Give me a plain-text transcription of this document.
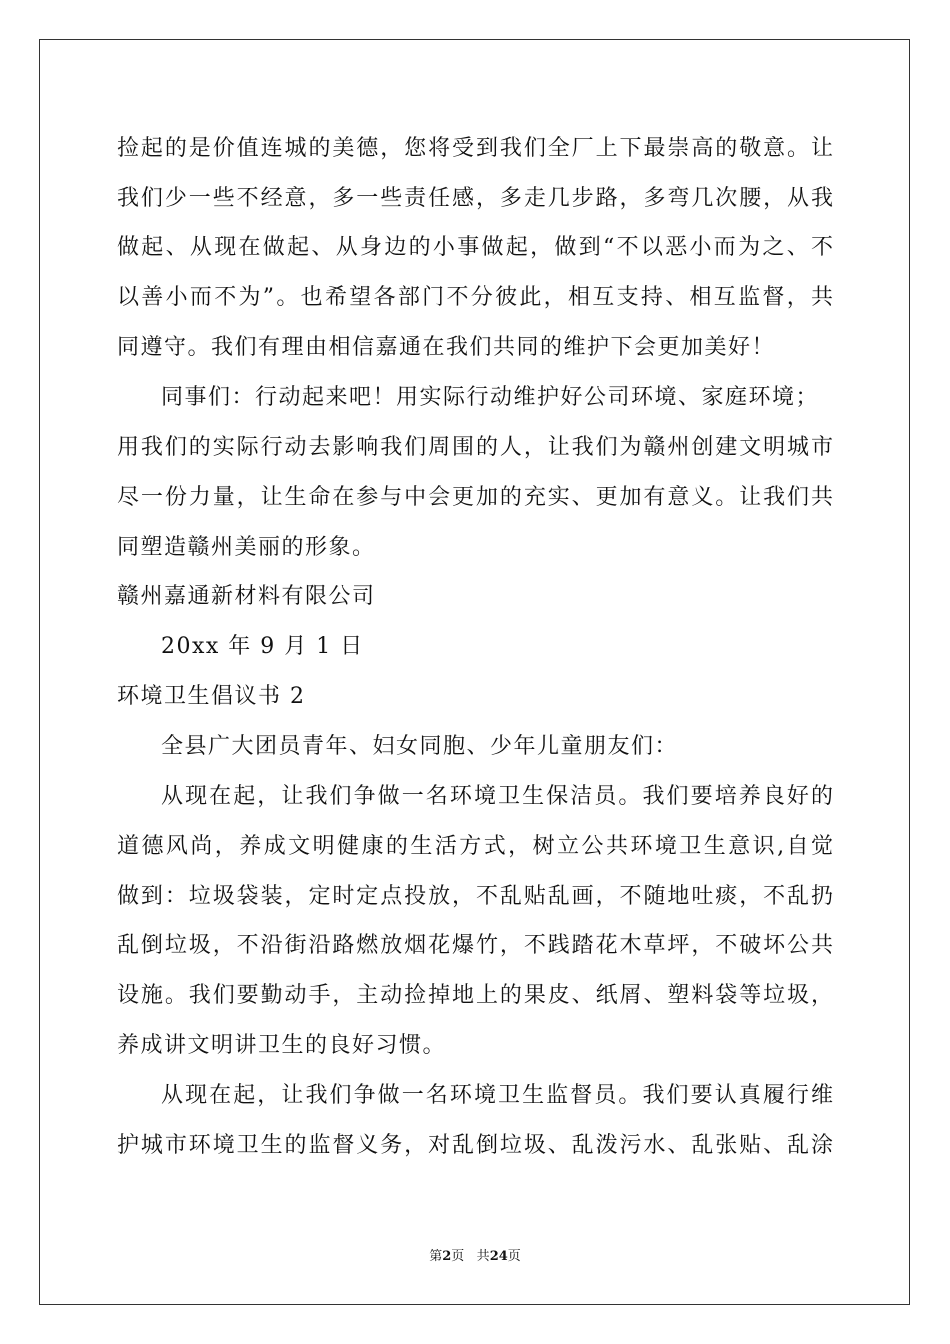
捡起的是价值连城的美德，您将受到我们全厂上下最崇高的敬意。让
我们少一些不经意，多一些责任感，多走几步路，多弯几次腰，从我
做起、从现在做起、从身边的小事做起，做到“不以恶小而为之、不
以善小而不为”。也希望各部门不分彼此，相互支持、相互监督，共
同遵守。我们有理由相信嘉通在我们共同的维护下会更加美好！
同事们：行动起来吧！用实际行动维护好公司环境、家庭环境；
用我们的实际行动去影响我们周围的人，让我们为赣州创建文明城市
尽一份力量，让生命在参与中会更加的充实、更加有意义。让我们共
同塑造赣州美丽的形象。
赣州嘉通新材料有限公司
20xx 年 9 月 1 日
环境卫生倡议书 2
全县广大团员青年、妇女同胞、少年儿童朋友们：
从现在起，让我们争做一名环境卫生保洁员。我们要培养良好的
道德风尚，养成文明健康的生活方式，树立公共环境卫生意识,自觉
做到：垃圾袋装，定时定点投放，不乱贴乱画，不随地吐痰，不乱扔
乱倒垃圾，不沿街沿路燃放烟花爆竹，不践踏花木草坪，不破坏公共
设施。我们要勤动手，主动捡掉地上的果皮、纸屑、塑料袋等垃圾，
养成讲文明讲卫生的良好习惯。
从现在起，让我们争做一名环境卫生监督员。我们要认真履行维
护城市环境卫生的监督义务，对乱倒垃圾、乱泼污水、乱张贴、乱涂
第2页 共24页
